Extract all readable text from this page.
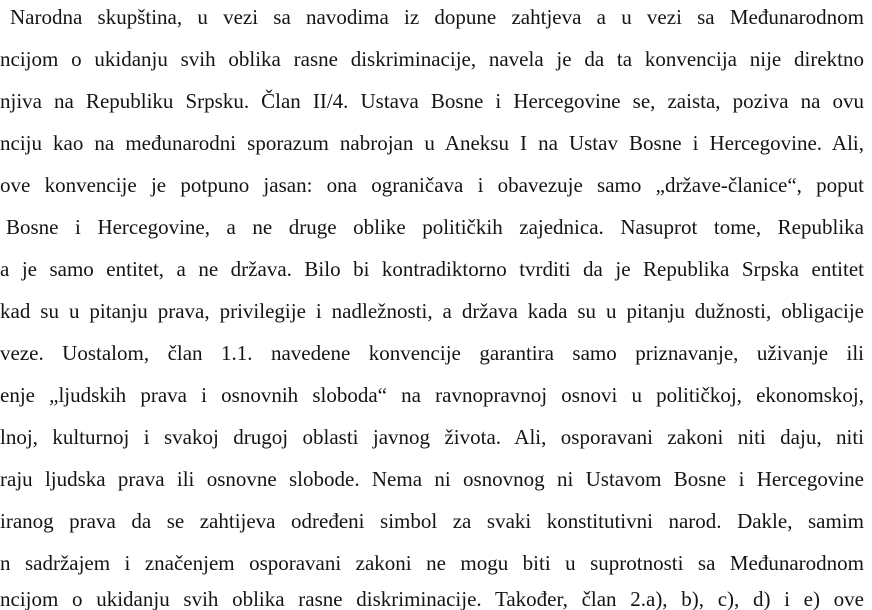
Narodna skupština, u vezi sa navodima iz dopune zahtjeva a u vezi sa Međunarodnom

ncijom o ukidanju svih oblika rasne diskriminacije, navela je da ta konvencija nije direktno

njiva na Republiku Srpsku. Član II/4. Ustava Bosne i Hercegovine se, zaista, poziva na ovu

nciju kao na međunarodni sporazum nabrojan u Aneksu I na Ustav Bosne i Hercegovine. Ali,

ove konvencije je potpuno jasan: ona ograničava i obavezuje samo „države-članice“, poput

Bosne i Hercegovine, a ne druge oblike političkih zajednica. Nasuprot tome, Republika

a je samo entitet, a ne država. Bilo bi kontradiktorno tvrditi da je Republika Srpska entitet

kad su u pitanju prava, privilegije i nadležnosti, a država kada su u pitanju dužnosti, obligacije

veze. Uostalom, član 1.1. navedene konvencije garantira samo priznavanje, uživanje ili

enje „ljudskih prava i osnovnih sloboda“ na ravnopravnoj osnovi u političkoj, ekonomskoj,

lnoj, kulturnoj i svakoj drugoj oblasti javnog života. Ali, osporavani zakoni niti daju, niti

raju ljudska prava ili osnovne slobode. Nema ni osnovnog ni Ustavom Bosne i Hercegovine

iranog prava da se zahtijeva određeni simbol za svaki konstitutivni narod. Dakle, samim

n sadržajem i značenjem osporavani zakoni ne mogu biti u suprotnosti sa Međunarodnom

ncijom o ukidanju svih oblika rasne diskriminacije. Također, član 2.a), b), c), d) i e) ove
